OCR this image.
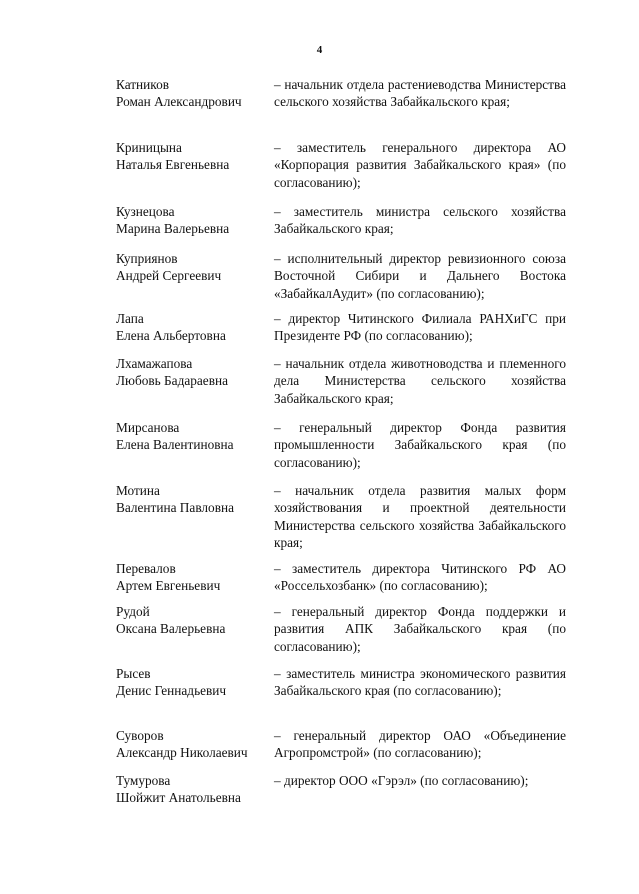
4
Катников
Роман Александрович
– начальник отдела растениеводства Министерства сельского хозяйства Забайкальского края;
Криницына
Наталья Евгеньевна
– заместитель генерального директора АО «Корпорация развития Забайкальского края» (по согласованию);
Кузнецова
Марина Валерьевна
– заместитель министра сельского хозяйства Забайкальского края;
Куприянов
Андрей Сергеевич
– исполнительный директор ревизионного союза Восточной Сибири и Дальнего Востока «ЗабайкалАудит» (по согласованию);
Лапа
Елена Альбертовна
– директор Читинского Филиала РАНХиГС при Президенте РФ (по согласованию);
Лхамажапова
Любовь Бадараевна
– начальник отдела животноводства и племенного дела Министерства сельского хозяйства Забайкальского края;
Мирсанова
Елена Валентиновна
– генеральный директор Фонда развития промышленности Забайкальского края (по согласованию);
Мотина
Валентина Павловна
– начальник отдела развития малых форм хозяйствования и проектной деятельности Министерства сельского хозяйства Забайкальского края;
Перевалов
Артем Евгеньевич
– заместитель директора Читинского РФ АО «Россельхозбанк» (по согласованию);
Рудой
Оксана Валерьевна
– генеральный директор Фонда поддержки и развития АПК Забайкальского края (по согласованию);
Рысев
Денис Геннадьевич
– заместитель министра экономического развития Забайкальского края (по согласованию);
Суворов
Александр Николаевич
– генеральный директор ОАО «Объединение Агропромстрой» (по согласованию);
Тумурова
Шойжит Анатольевна
– директор ООО «Гэрэл» (по согласованию);
